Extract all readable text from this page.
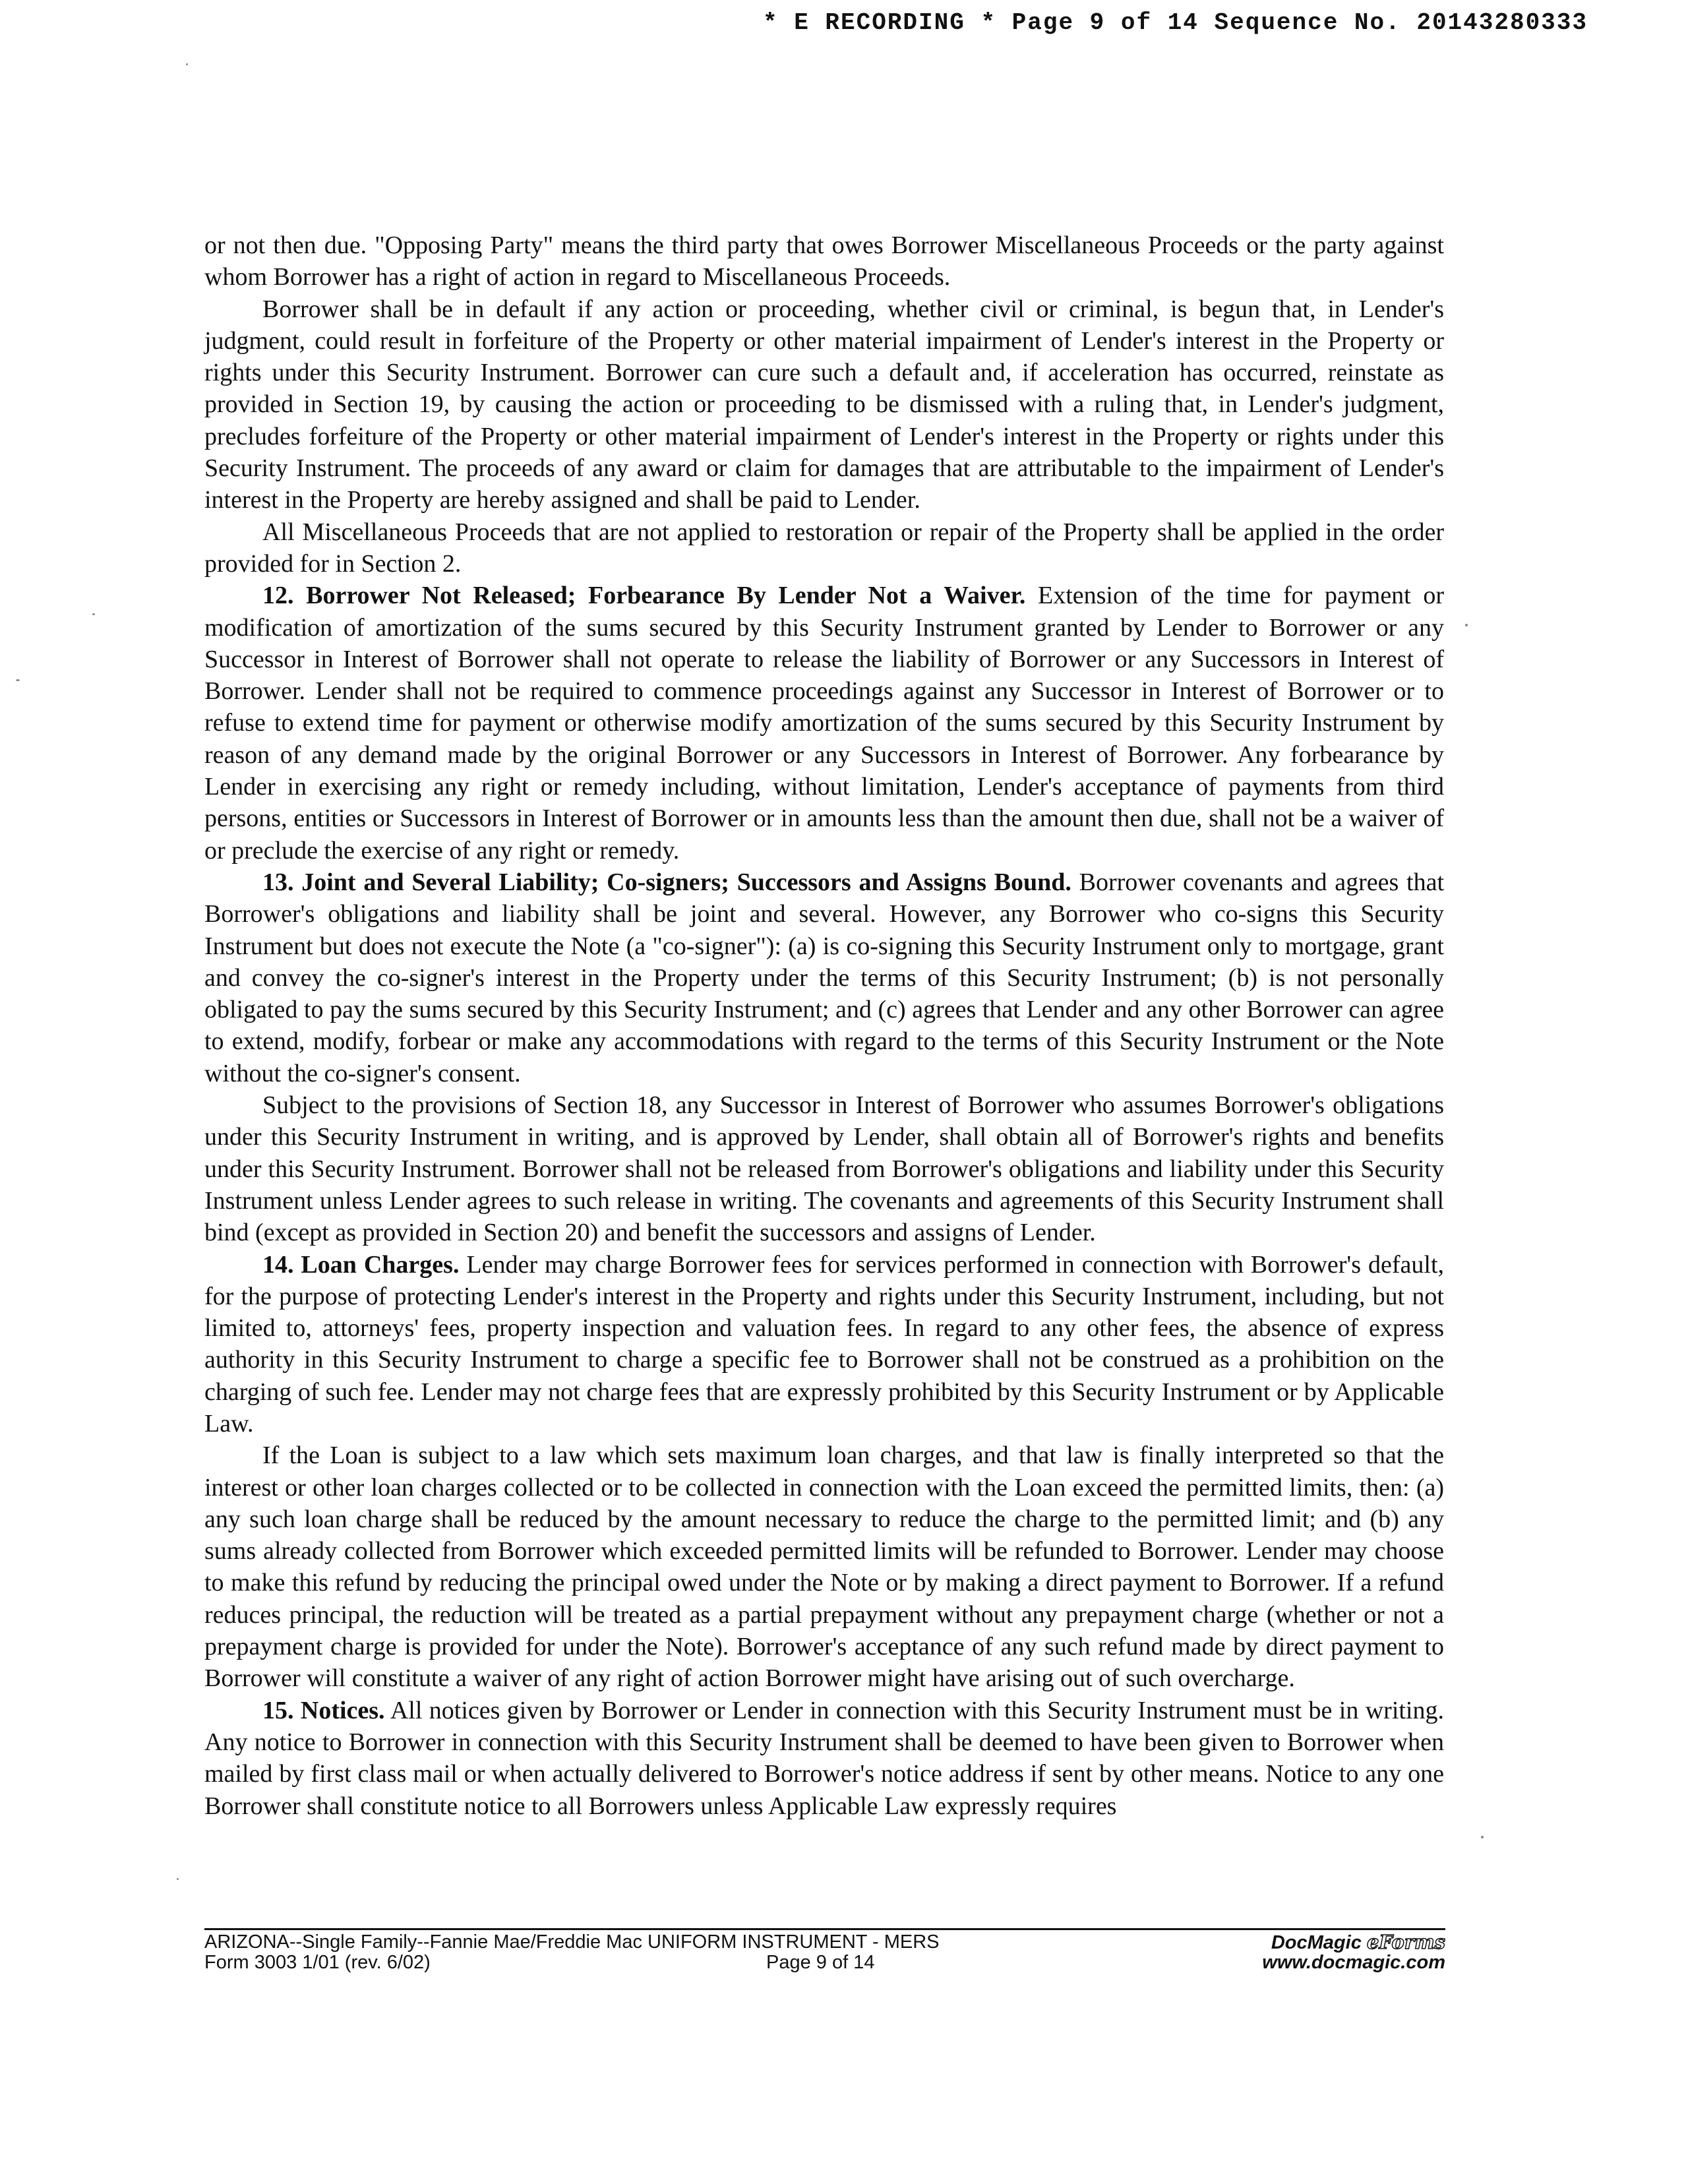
* E RECORDING * Page 9 of 14 Sequence No. 20143280333

or not then due. "Opposing Party" means the third party that owes Borrower Miscellaneous Proceeds or the party against whom Borrower has a right of action in regard to Miscellaneous Proceeds.

Borrower shall be in default if any action or proceeding, whether civil or criminal, is begun that, in Lender's judgment, could result in forfeiture of the Property or other material impairment of Lender's interest in the Property or rights under this Security Instrument. Borrower can cure such a default and, if acceleration has occurred, reinstate as provided in Section 19, by causing the action or proceeding to be dismissed with a ruling that, in Lender's judgment, precludes forfeiture of the Property or other material impairment of Lender's interest in the Property or rights under this Security Instrument. The proceeds of any award or claim for damages that are attributable to the impairment of Lender's interest in the Property are hereby assigned and shall be paid to Lender.

All Miscellaneous Proceeds that are not applied to restoration or repair of the Property shall be applied in the order provided for in Section 2.

12. Borrower Not Released; Forbearance By Lender Not a Waiver. Extension of the time for payment or modification of amortization of the sums secured by this Security Instrument granted by Lender to Borrower or any Successor in Interest of Borrower shall not operate to release the liability of Borrower or any Successors in Interest of Borrower. Lender shall not be required to commence proceedings against any Successor in Interest of Borrower or to refuse to extend time for payment or otherwise modify amortization of the sums secured by this Security Instrument by reason of any demand made by the original Borrower or any Successors in Interest of Borrower. Any forbearance by Lender in exercising any right or remedy including, without limitation, Lender's acceptance of payments from third persons, entities or Successors in Interest of Borrower or in amounts less than the amount then due, shall not be a waiver of or preclude the exercise of any right or remedy.

13. Joint and Several Liability; Co-signers; Successors and Assigns Bound. Borrower covenants and agrees that Borrower's obligations and liability shall be joint and several. However, any Borrower who co-signs this Security Instrument but does not execute the Note (a "co-signer"): (a) is co-signing this Security Instrument only to mortgage, grant and convey the co-signer's interest in the Property under the terms of this Security Instrument; (b) is not personally obligated to pay the sums secured by this Security Instrument; and (c) agrees that Lender and any other Borrower can agree to extend, modify, forbear or make any accommodations with regard to the terms of this Security Instrument or the Note without the co-signer's consent.

Subject to the provisions of Section 18, any Successor in Interest of Borrower who assumes Borrower's obligations under this Security Instrument in writing, and is approved by Lender, shall obtain all of Borrower's rights and benefits under this Security Instrument. Borrower shall not be released from Borrower's obligations and liability under this Security Instrument unless Lender agrees to such release in writing. The covenants and agreements of this Security Instrument shall bind (except as provided in Section 20) and benefit the successors and assigns of Lender.

14. Loan Charges. Lender may charge Borrower fees for services performed in connection with Borrower's default, for the purpose of protecting Lender's interest in the Property and rights under this Security Instrument, including, but not limited to, attorneys' fees, property inspection and valuation fees. In regard to any other fees, the absence of express authority in this Security Instrument to charge a specific fee to Borrower shall not be construed as a prohibition on the charging of such fee. Lender may not charge fees that are expressly prohibited by this Security Instrument or by Applicable Law.

If the Loan is subject to a law which sets maximum loan charges, and that law is finally interpreted so that the interest or other loan charges collected or to be collected in connection with the Loan exceed the permitted limits, then: (a) any such loan charge shall be reduced by the amount necessary to reduce the charge to the permitted limit; and (b) any sums already collected from Borrower which exceeded permitted limits will be refunded to Borrower. Lender may choose to make this refund by reducing the principal owed under the Note or by making a direct payment to Borrower. If a refund reduces principal, the reduction will be treated as a partial prepayment without any prepayment charge (whether or not a prepayment charge is provided for under the Note). Borrower's acceptance of any such refund made by direct payment to Borrower will constitute a waiver of any right of action Borrower might have arising out of such overcharge.

15. Notices. All notices given by Borrower or Lender in connection with this Security Instrument must be in writing. Any notice to Borrower in connection with this Security Instrument shall be deemed to have been given to Borrower when mailed by first class mail or when actually delivered to Borrower's notice address if sent by other means. Notice to any one Borrower shall constitute notice to all Borrowers unless Applicable Law expressly requires

ARIZONA--Single Family--Fannie Mae/Freddie Mac UNIFORM INSTRUMENT - MERS
Form 3003 1/01 (rev. 6/02)	Page 9 of 14
DocMagic eForms
www.docmagic.com
